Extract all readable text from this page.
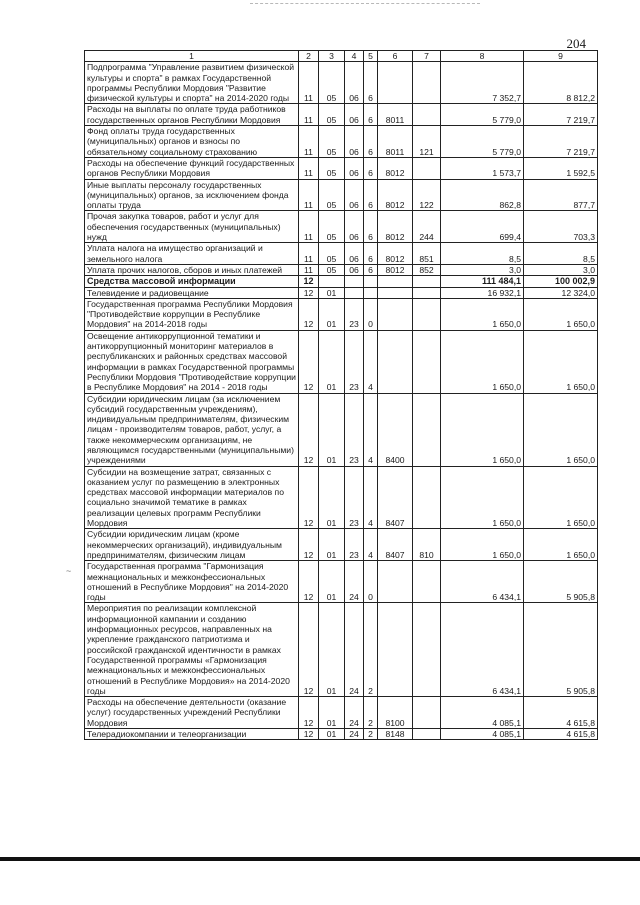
204
1	2	3	4	5	6	7	8	9
Подпрограмма "Управление развитием физической культуры и спорта" в рамках Государственной программы Республики Мордовия "Развитие физической культуры и спорта" на 2014-2020 годы	11	05	06	6			7 352,7	8 812,2
Расходы на выплаты по оплате труда работников государственных органов Республики Мордовия	11	05	06	6	8011		5 779,0	7 219,7
Фонд оплаты труда государственных (муниципальных) органов и взносы по обязательному социальному страхованию	11	05	06	6	8011	121	5 779,0	7 219,7
Расходы на обеспечение функций государственных органов Республики Мордовия	11	05	06	6	8012		1 573,7	1 592,5
Иные выплаты персоналу государственных (муниципальных) органов, за исключением фонда оплаты труда	11	05	06	6	8012	122	862,8	877,7
Прочая закупка товаров, работ и услуг для обеспечения государственных (муниципальных) нужд	11	05	06	6	8012	244	699,4	703,3
Уплата налога на имущество организаций и земельного налога	11	05	06	6	8012	851	8,5	8,5
Уплата прочих налогов, сборов и иных платежей	11	05	06	6	8012	852	3,0	3,0
Средства массовой информации	12						111 484,1	100 002,9
Телевидение и радиовещание	12	01					16 932,1	12 324,0
Государственная программа Республики Мордовия "Противодействие коррупции в Республике Мордовия" на 2014-2018 годы	12	01	23	0			1 650,0	1 650,0
Освещение антикоррупционной тематики и антикоррупционный мониторинг материалов в республиканских и районных средствах массовой информации в рамках Государственной программы Республики Мордовия "Противодействие коррупции в Республике Мордовия" на 2014 - 2018 годы	12	01	23	4			1 650,0	1 650,0
Субсидии юридическим лицам (за исключением субсидий государственным учреждениям), индивидуальным предпринимателям, физическим лицам - производителям товаров, работ, услуг, а также некоммерческим организациям, не являющимся государственными (муниципальными) учреждениями	12	01	23	4	8400		1 650,0	1 650,0
Субсидии на возмещение затрат, связанных с оказанием услуг по размещению в электронных средствах массовой информации материалов по социально значимой тематике в рамках реализации целевых программ Республики Мордовия	12	01	23	4	8407		1 650,0	1 650,0
Субсидии юридическим лицам (кроме некоммерческих организаций), индивидуальным предпринимателям, физическим лицам	12	01	23	4	8407	810	1 650,0	1 650,0
Государственная программа "Гармонизация межнациональных и межконфессиональных отношений в Республике Мордовия" на 2014-2020 годы	12	01	24	0			6 434,1	5 905,8
Мероприятия по реализации комплексной информационной кампании и созданию информационных ресурсов, направленных на укрепление гражданского патриотизма и российской гражданской идентичности в рамках Государственной программы «Гармонизация межнациональных и межконфессиональных отношений в Республике Мордовия» на 2014-2020 годы	12	01	24	2			6 434,1	5 905,8
Расходы на обеспечение деятельности (оказание услуг) государственных учреждений Республики Мордовия	12	01	24	2	8100		4 085,1	4 615,8
Телерадиокомпании и телеорганизации	12	01	24	2	8148		4 085,1	4 615,8
~
